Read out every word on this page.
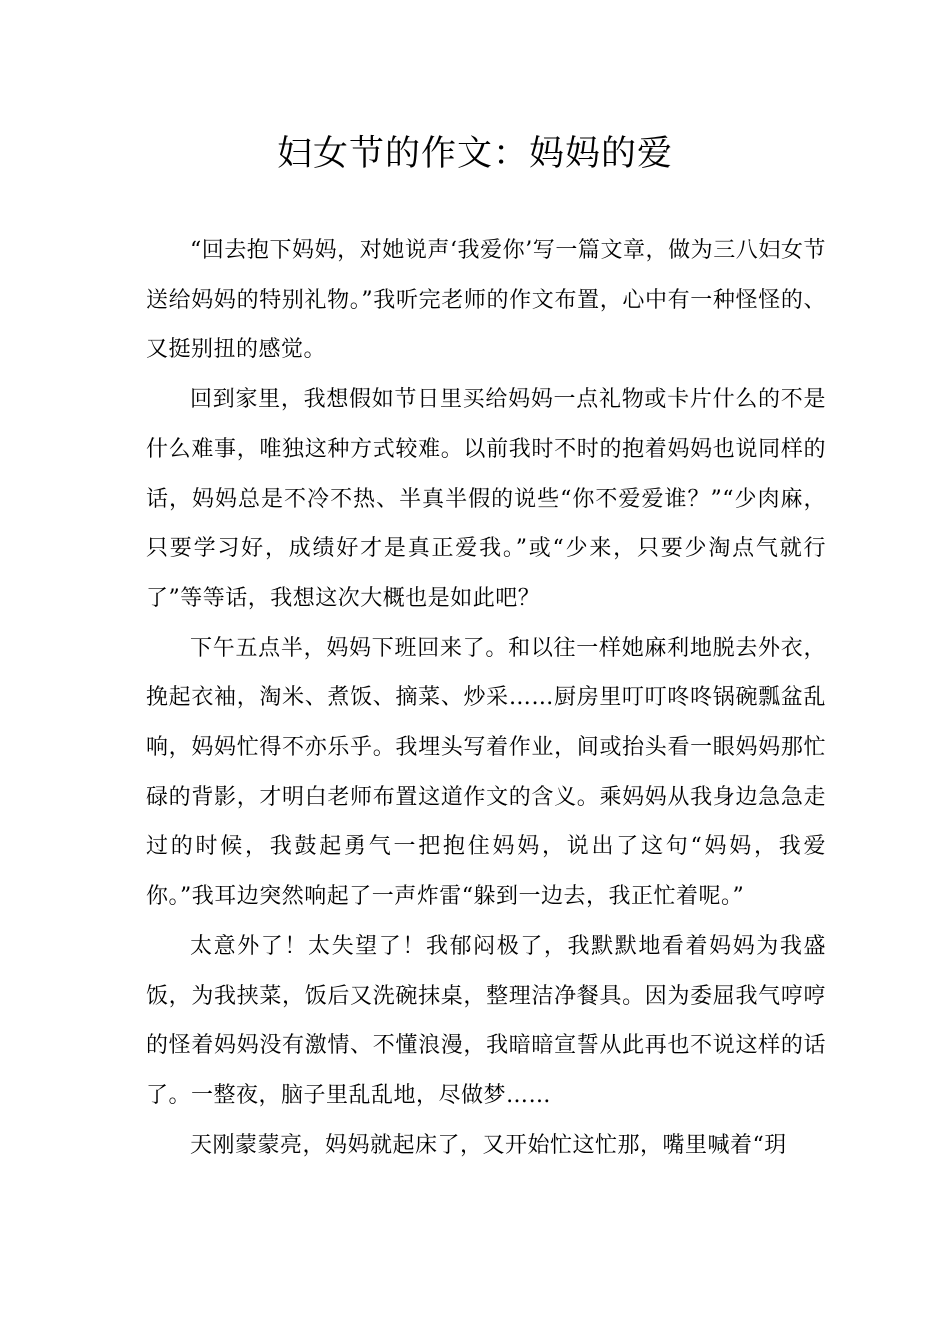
妇女节的作文：妈妈的爱

“回去抱下妈妈，对她说声‘我爱你’写一篇文章，做为三八妇女节送给妈妈的特别礼物。”我听完老师的作文布置，心中有一种怪怪的、又挺别扭的感觉。

回到家里，我想假如节日里买给妈妈一点礼物或卡片什么的不是什么难事，唯独这种方式较难。以前我时不时的抱着妈妈也说同样的话，妈妈总是不冷不热、半真半假的说些“你不爱爱谁？”“少肉麻，只要学习好，成绩好才是真正爱我。”或“少来，只要少淘点气就行了”等等话，我想这次大概也是如此吧？

下午五点半，妈妈下班回来了。和以往一样她麻利地脱去外衣，挽起衣袖，淘米、煮饭、摘菜、炒采……厨房里叮叮咚咚锅碗瓢盆乱响，妈妈忙得不亦乐乎。我埋头写着作业，间或抬头看一眼妈妈那忙碌的背影，才明白老师布置这道作文的含义。乘妈妈从我身边急急走过的时候，我鼓起勇气一把抱住妈妈，说出了这句“妈妈，我爱你。”我耳边突然响起了一声炸雷“躲到一边去，我正忙着呢。”

太意外了！太失望了！我郁闷极了，我默默地看着妈妈为我盛饭，为我挟菜，饭后又洗碗抹桌，整理洁净餐具。因为委屈我气哼哼的怪着妈妈没有激情、不懂浪漫，我暗暗宣誓从此再也不说这样的话了。一整夜，脑子里乱乱地，尽做梦……

天刚蒙蒙亮，妈妈就起床了，又开始忙这忙那，嘴里喊着“玥
